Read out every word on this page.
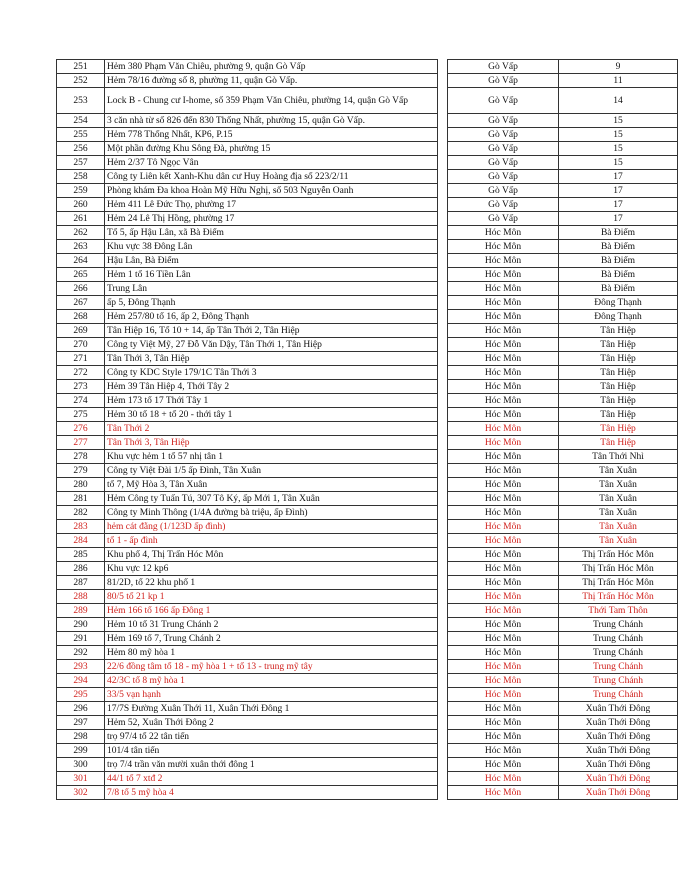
251	Hẻm 380 Phạm Văn Chiêu, phường 9, quận Gò Vấp		Gò Vấp	9
252	Hẻm 78/16 đường số 8, phường 11, quận Gò Vấp.		Gò Vấp	11
253	Lock B - Chung cư I-home, số 359 Phạm Văn Chiêu, phường 14, quận Gò Vấp		Gò Vấp	14
254	3 căn nhà từ số 826 đến 830 Thống Nhất, phường 15, quận Gò Vấp.		Gò Vấp	15
255	Hẻm 778 Thống Nhất, KP6, P.15		Gò Vấp	15
256	Một phần đường Khu Sông Đà, phường 15		Gò Vấp	15
257	Hẻm 2/37 Tô Ngọc Vân		Gò Vấp	15
258	Công ty Liên kết Xanh-Khu dân cư Huy Hoàng địa số 223/2/11		Gò Vấp	17
259	Phòng khám Đa khoa Hoàn Mỹ Hữu Nghị, số 503 Nguyễn Oanh		Gò Vấp	17
260	Hẻm 411 Lê Đức Thọ, phường 17		Gò Vấp	17
261	Hẻm 24 Lê Thị Hồng, phường 17		Gò Vấp	17
262	Tổ 5, ấp Hậu Lân, xã Bà Điểm		Hóc Môn	Bà Điểm
263	Khu vực 38 Đông Lân		Hóc Môn	Bà Điểm
264	Hậu Lân, Bà Điểm		Hóc Môn	Bà Điểm
265	Hẻm 1 tổ 16 Tiền Lân		Hóc Môn	Bà Điểm
266	Trung Lân		Hóc Môn	Bà Điểm
267	ấp 5, Đông Thạnh		Hóc Môn	Đông Thạnh
268	Hẻm 257/80 tổ 16, ấp 2, Đông Thạnh		Hóc Môn	Đông Thạnh
269	Tân Hiệp 16, Tổ 10 + 14, ấp Tân Thới 2, Tân Hiệp		Hóc Môn	Tân Hiệp
270	Công ty Việt Mỹ, 27 Đỗ Văn Dậy, Tân Thới 1, Tân Hiệp		Hóc Môn	Tân Hiệp
271	Tân Thới 3, Tân Hiệp		Hóc Môn	Tân Hiệp
272	Công ty KDC Style 179/1C Tân Thới 3		Hóc Môn	Tân Hiệp
273	Hẻm 39 Tân Hiệp 4, Thới Tây 2		Hóc Môn	Tân Hiệp
274	Hẻm 173 tổ 17 Thới Tây 1		Hóc Môn	Tân Hiệp
275	Hẻm 30 tổ 18 + tổ 20 - thới tây 1		Hóc Môn	Tân Hiệp
276	Tân Thới 2		Hóc Môn	Tân Hiệp
277	Tân Thới 3, Tân Hiệp		Hóc Môn	Tân Hiệp
278	Khu vực hẻm 1 tổ 57 nhị tân 1		Hóc Môn	Tân Thới Nhì
279	Công ty Việt Đài 1/5 ấp Đình, Tân Xuân		Hóc Môn	Tân Xuân
280	tổ 7, Mỹ Hòa 3, Tân Xuân		Hóc Môn	Tân Xuân
281	Hẻm Công ty Tuấn Tú, 307 Tô Ký, ấp Mới 1, Tân Xuân		Hóc Môn	Tân Xuân
282	Công ty Minh Thông (1/4A đường bà triệu, ấp Đình)		Hóc Môn	Tân Xuân
283	hẻm cát đằng (1/123D ấp đình)		Hóc Môn	Tân Xuân
284	tổ 1 - ấp đình		Hóc Môn	Tân Xuân
285	Khu phố 4, Thị Trấn Hóc Môn		Hóc Môn	Thị Trấn Hóc Môn
286	Khu vực 12 kp6		Hóc Môn	Thị Trấn Hóc Môn
287	81/2D, tổ 22 khu phố 1		Hóc Môn	Thị Trấn Hóc Môn
288	80/5 tổ 21 kp 1		Hóc Môn	Thị Trấn Hóc Môn
289	Hẻm 166 tổ 166 ấp Đông 1		Hóc Môn	Thới Tam Thôn
290	Hẻm 10 tổ 31 Trung Chánh 2		Hóc Môn	Trung Chánh
291	Hẻm 169 tổ 7, Trung Chánh 2		Hóc Môn	Trung Chánh
292	Hẻm 80 mỹ hòa 1		Hóc Môn	Trung Chánh
293	22/6 đồng tâm tổ 18 - mỹ hòa 1 + tổ 13 - trung mỹ tây		Hóc Môn	Trung Chánh
294	42/3C tổ 8 mỹ hòa 1		Hóc Môn	Trung Chánh
295	33/5 vạn hạnh		Hóc Môn	Trung Chánh
296	17/7S Đường Xuân Thới 11, Xuân Thới Đông 1		Hóc Môn	Xuân Thới Đông
297	Hẻm 52, Xuân Thới Đông 2		Hóc Môn	Xuân Thới Đông
298	trọ 97/4 tổ 22 tân tiến		Hóc Môn	Xuân Thới Đông
299	101/4 tân tiến		Hóc Môn	Xuân Thới Đông
300	trọ 7/4 trần văn mười xuân thới đông 1		Hóc Môn	Xuân Thới Đông
301	44/1 tổ 7 xtđ 2		Hóc Môn	Xuân Thới Đông
302	7/8 tổ 5 mỹ hòa 4		Hóc Môn	Xuân Thới Đông
